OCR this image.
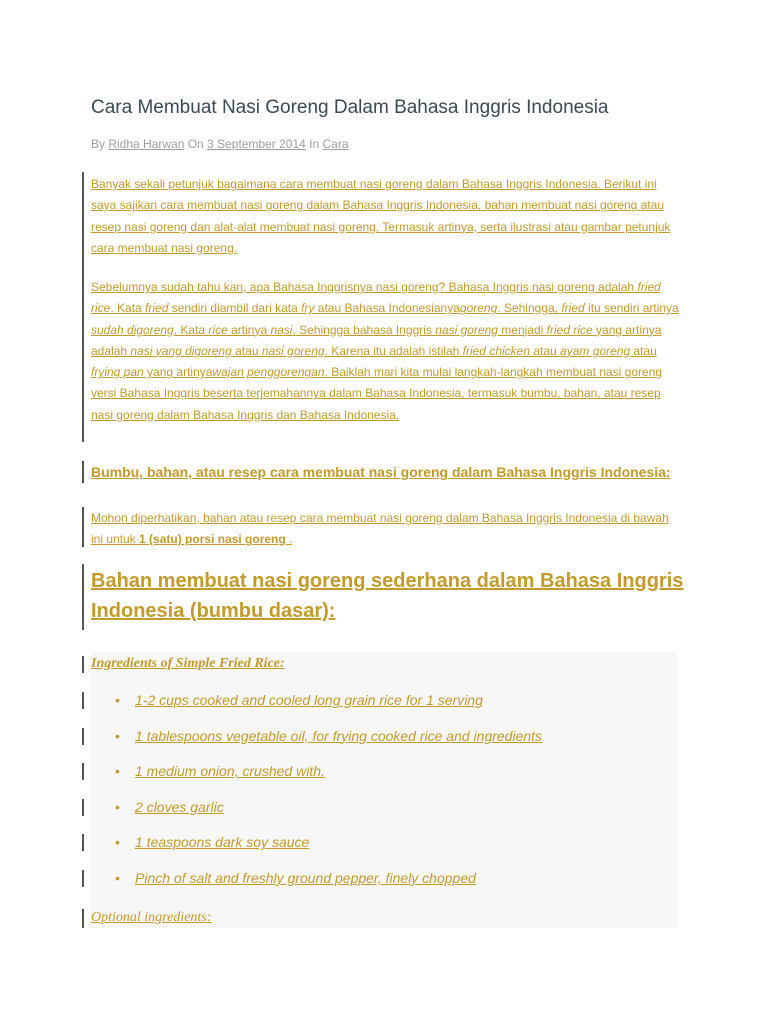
Cara Membuat Nasi Goreng Dalam Bahasa Inggris Indonesia
By Ridha Harwan On 3 September 2014 In Cara

Banyak sekali petunjuk bagaimana cara membuat nasi goreng dalam Bahasa Inggris Indonesia. Berikut ini saya sajikan cara membuat nasi goreng dalam Bahasa Inggris Indonesia, bahan membuat nasi goreng atau resep nasi goreng dan alat-alat membuat nasi goreng. Termasuk artinya, serta ilustrasi atau gambar petunjuk cara membuat nasi goreng.

Sebelumnya sudah tahu kan, apa Bahasa Inggrisnya nasi goreng? Bahasa Inggris nasi goreng adalah fried rice. Kata fried sendiri diambil dari kata fry atau Bahasa Indonesianyagoreng. Sehingga, fried itu sendiri artinya sudah digoreng. Kata rice artinya nasi. Sehingga bahasa Inggris nasi goreng menjadi fried rice yang artinya adalah nasi yang digoreng atau nasi goreng. Karena itu adalah istilah fried chicken atau ayam goreng atau frying pan yang artinyawajan penggorengan. Baiklah mari kita mulai langkah-langkah membuat nasi goreng versi Bahasa Inggris beserta terjemahannya dalam Bahasa Indonesia, termasuk bumbu, bahan, atau resep nasi goreng dalam Bahasa Inggris dan Bahasa Indonesia.

Bumbu, bahan, atau resep cara membuat nasi goreng dalam Bahasa Inggris Indonesia:

Mohon diperhatikan, bahan atau resep cara membuat nasi goreng dalam Bahasa Inggris Indonesia di bawah ini untuk 1 (satu) porsi nasi goreng .

Bahan membuat nasi goreng sederhana dalam Bahasa Inggris Indonesia (bumbu dasar):
Ingredients of Simple Fried Rice:
• 1-2 cups cooked and cooled long grain rice for 1 serving
• 1 tablespoons vegetable oil, for frying cooked rice and ingredients
• 1 medium onion, crushed with.
• 2 cloves garlic
• 1 teaspoons dark soy sauce
• Pinch of salt and freshly ground pepper, finely chopped
Optional ingredients:
